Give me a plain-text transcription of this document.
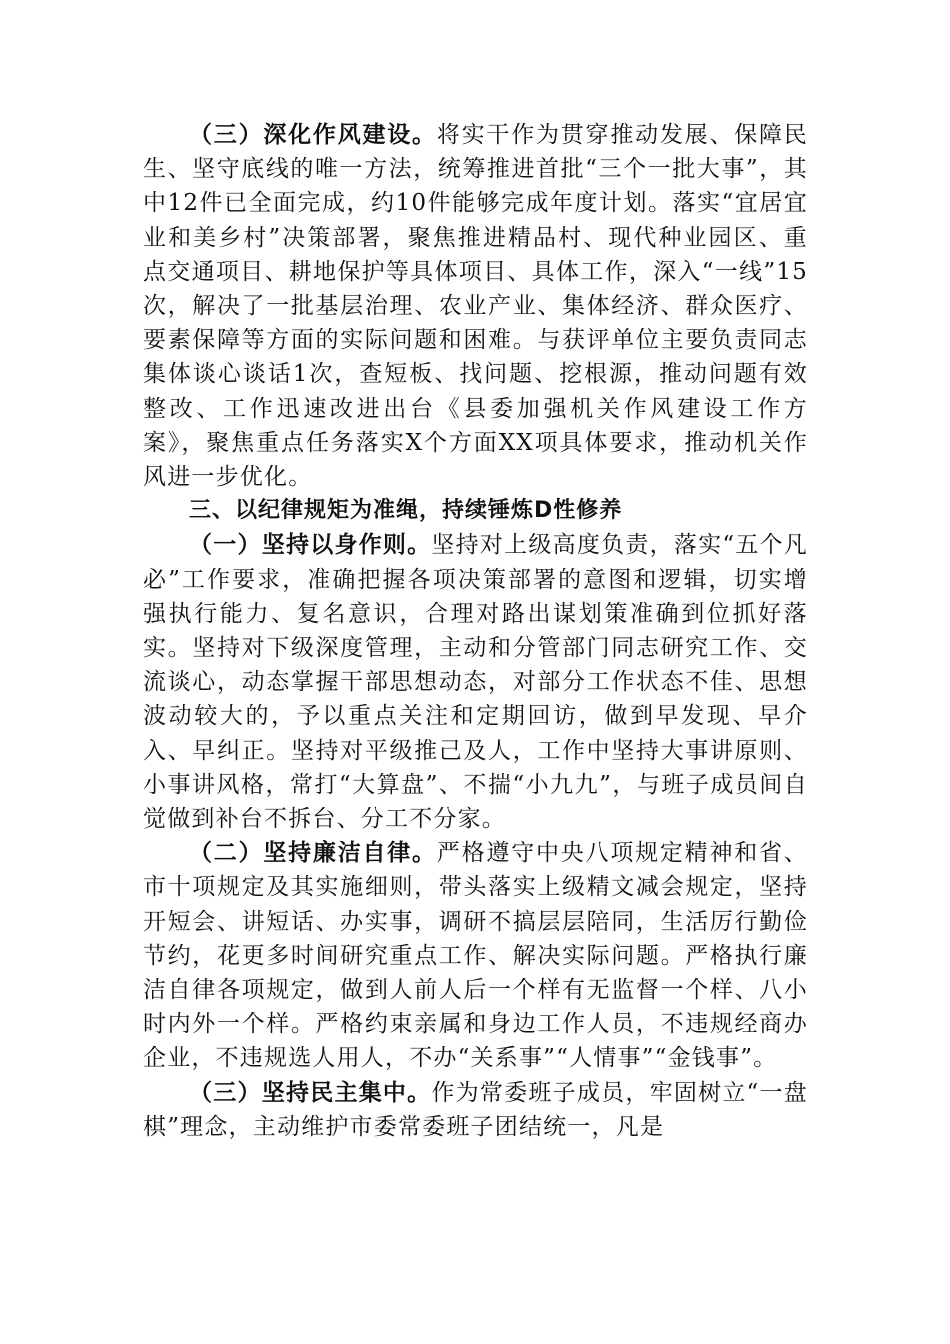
（三）深化作风建设。将实干作为贯穿推动发展、保障民生、坚守底线的唯一方法，统筹推进首批“三个一批大事”，其中12件已全面完成，约10件能够完成年度计划。落实“宜居宜业和美乡村”决策部署，聚焦推进精品村、现代种业园区、重点交通项目、耕地保护等具体项目、具体工作，深入“一线”15次，解决了一批基层治理、农业产业、集体经济、群众医疗、要素保障等方面的实际问题和困难。与获评单位主要负责同志集体谈心谈话1次，查短板、找问题、挖根源，推动问题有效整改、工作迅速改进出台《县委加强机关作风建设工作方案》，聚焦重点任务落实X个方面XX项具体要求，推动机关作风进一步优化。

三、以纪律规矩为准绳，持续锤炼D性修养

（一）坚持以身作则。坚持对上级高度负责，落实“五个凡必”工作要求，准确把握各项决策部署的意图和逻辑，切实增强执行能力、复名意识，合理对路出谋划策准确到位抓好落实。坚持对下级深度管理，主动和分管部门同志研究工作、交流谈心，动态掌握干部思想动态，对部分工作状态不佳、思想波动较大的，予以重点关注和定期回访，做到早发现、早介入、早纠正。坚持对平级推己及人，工作中坚持大事讲原则、小事讲风格，常打“大算盘”、不揣“小九九”，与班子成员间自觉做到补台不拆台、分工不分家。

（二）坚持廉洁自律。严格遵守中央八项规定精神和省、市十项规定及其实施细则，带头落实上级精文减会规定，坚持开短会、讲短话、办实事，调研不搞层层陪同，生活厉行勤俭节约，花更多时间研究重点工作、解决实际问题。严格执行廉洁自律各项规定，做到人前人后一个样有无监督一个样、八小时内外一个样。严格约束亲属和身边工作人员，不违规经商办企业，不违规选人用人，不办“关系事”“人情事”“金钱事”。

（三）坚持民主集中。作为常委班子成员，牢固树立“一盘棋”理念，主动维护市委常委班子团结统一，凡是
